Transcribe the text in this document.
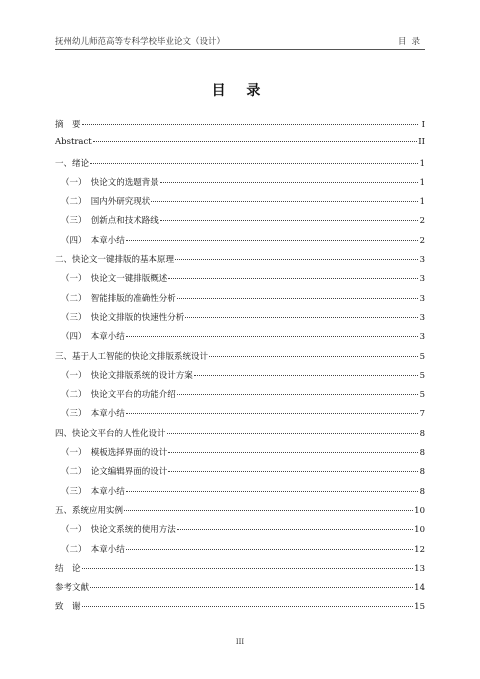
抚州幼儿师范高等专科学校毕业论文（设计）	目录
目 录
摘　要	I
Abstract	II
一、绪论	1
（一）　快论文的选题背景	1
（二）　国内外研究现状	1
（三）　创新点和技术路线	2
（四）　本章小结	2
二、快论文一键排版的基本原理	3
（一）　快论文一键排版概述	3
（二）　智能排版的准确性分析	3
（三）　快论文排版的快速性分析	3
（四）　本章小结	3
三、基于人工智能的快论文排版系统设计	5
（一）　快论文排版系统的设计方案	5
（二）　快论文平台的功能介绍	5
（三）　本章小结	7
四、快论文平台的人性化设计	8
（一）　模板选择界面的设计	8
（二）　论文编辑界面的设计	8
（三）　本章小结	8
五、系统应用实例	10
（一）　快论文系统的使用方法	10
（二）　本章小结	12
结　论	13
参考文献	14
致　谢	15
III
